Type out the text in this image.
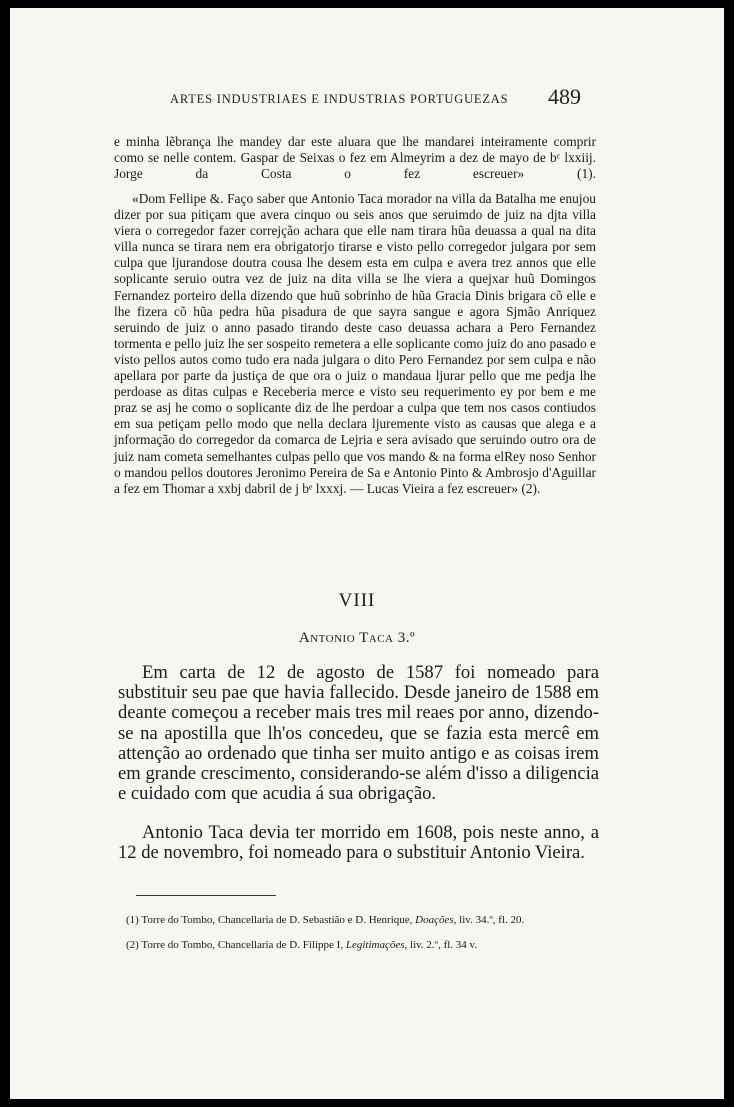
ARTES INDUSTRIAES E INDUSTRIAS PORTUGUEZAS 489

e minha lẽbrança lhe mandey dar este aluara que lhe mandarei inteiramente comprir como se nelle contem. Gaspar de Seixas o fez em Almeyrim a dez de mayo de bᶜ lxxiij. Jorge da Costa o fez escreuer» (1).

«Dom Fellipe &. Faço saber que Antonio Taca morador na villa da Batalha me enujou dizer por sua pitiçam que avera cinquo ou seis anos que seruimdo de juiz na djta villa viera o corregedor fazer correjção achara que elle nam tirara hũa deuassa a qual na dita villa nunca se tirara nem era obrigatorjo tirarse e visto pello corregedor julgara por sem culpa que ljurandose doutra cousa lhe desem esta em culpa e avera trez annos que elle soplicante seruio outra vez de juiz na dita villa se lhe viera a quejxar huũ Domingos Fernandez porteiro della dizendo que huũ sobrinho de hũa Gracia Dinis brigara cõ elle e lhe fizera cõ hũa pedra hũa pisadura de que sayra sangue e agora Sjmão Anriquez seruindo de juiz o anno pasado tirando deste caso deuassa achara a Pero Fernandez tormenta e pello juiz lhe ser sospeito remetera a elle soplicante como juiz do ano pasado e visto pellos autos como tudo era nada julgara o dito Pero Fernandez por sem culpa e não apellara por parte da justiça de que ora o juiz o mandaua ljurar pello que me pedja lhe perdoase as ditas culpas e Receberia merce e visto seu requerimento ey por bem e me praz se asj he como o soplicante diz de lhe perdoar a culpa que tem nos casos contiudos em sua petiçam pello modo que nella declara ljuremente visto as causas que alega e a jnformação do corregedor da comarca de Lejria e sera avisado que seruindo outro ora de juiz nam cometa semelhantes culpas pello que vos mando & na forma elRey noso Senhor o mandou pellos doutores Jeronimo Pereira de Sa e Antonio Pinto & Ambrosjo d'Aguillar a fez em Thomar a xxbj dabril de j bᵉ lxxxj. — Lucas Vieira a fez escreuer» (2).

VIII
Antonio Taca 3.º

Em carta de 12 de agosto de 1587 foi nomeado para substituir seu pae que havia fallecido. Desde janeiro de 1588 em deante começou a receber mais tres mil reaes por anno, dizendo-se na apostilla que lh'os concedeu, que se fazia esta mercê em attenção ao ordenado que tinha ser muito antigo e as coisas irem em grande crescimento, considerando-se além d'isso a diligencia e cuidado com que acudia á sua obrigação.

Antonio Taca devia ter morrido em 1608, pois neste anno, a 12 de novembro, foi nomeado para o substituir Antonio Vieira.

(1) Torre do Tombo, Chancellaria de D. Sebastião e D. Henrique, Doações, liv. 34.º, fl. 20.

(2) Torre do Tombo, Chancellaria de D. Filippe I, Legitimações, liv. 2.º, fl. 34 v.
